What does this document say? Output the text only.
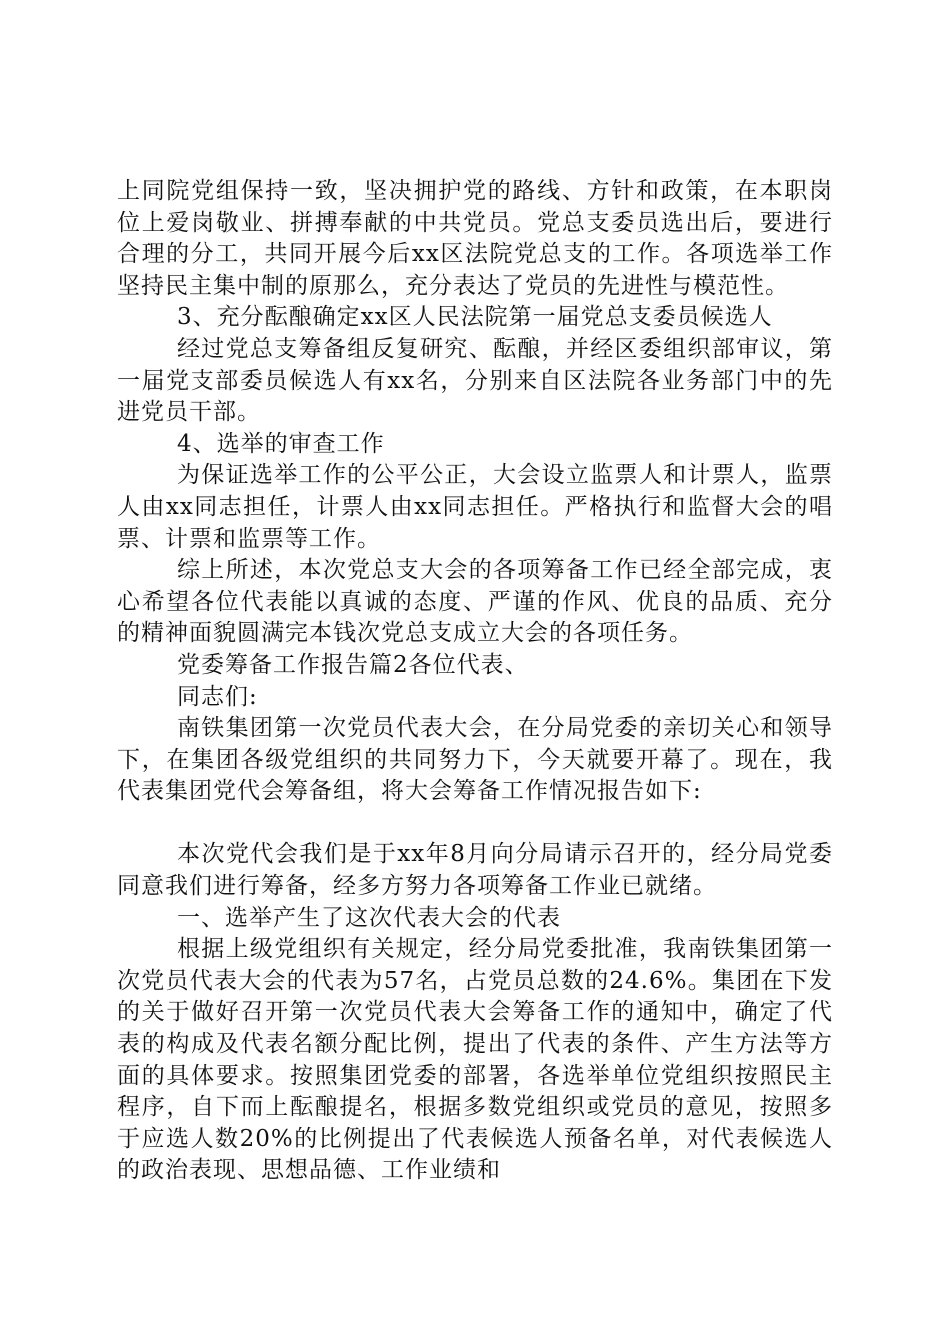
上同院党组保持一致，坚决拥护党的路线、方针和政策，在本职岗位上爱岗敬业、拼搏奉献的中共党员。党总支委员选出后，要进行合理的分工，共同开展今后xx区法院党总支的工作。各项选举工作坚持民主集中制的原那么，充分表达了党员的先进性与模范性。

3、充分酝酿确定xx区人民法院第一届党总支委员候选人

经过党总支筹备组反复研究、酝酿，并经区委组织部审议，第一届党支部委员候选人有xx名，分别来自区法院各业务部门中的先进党员干部。

4、选举的审查工作

为保证选举工作的公平公正，大会设立监票人和计票人，监票人由xx同志担任，计票人由xx同志担任。严格执行和监督大会的唱票、计票和监票等工作。

综上所述，本次党总支大会的各项筹备工作已经全部完成，衷心希望各位代表能以真诚的态度、严谨的作风、优良的品质、充分的精神面貌圆满完本钱次党总支成立大会的各项任务。

党委筹备工作报告篇2各位代表、

同志们:

南铁集团第一次党员代表大会，在分局党委的亲切关心和领导下，在集团各级党组织的共同努力下，今天就要开幕了。现在，我代表集团党代会筹备组，将大会筹备工作情况报告如下:

本次党代会我们是于xx年8月向分局请示召开的，经分局党委同意我们进行筹备，经多方努力各项筹备工作业已就绪。

一、选举产生了这次代表大会的代表

根据上级党组织有关规定，经分局党委批准，我南铁集团第一次党员代表大会的代表为57名，占党员总数的24.6%。集团在下发的关于做好召开第一次党员代表大会筹备工作的通知中，确定了代表的构成及代表名额分配比例，提出了代表的条件、产生方法等方面的具体要求。按照集团党委的部署，各选举单位党组织按照民主程序，自下而上酝酿提名，根据多数党组织或党员的意见，按照多于应选人数20%的比例提出了代表候选人预备名单，对代表候选人的政治表现、思想品德、工作业绩和
